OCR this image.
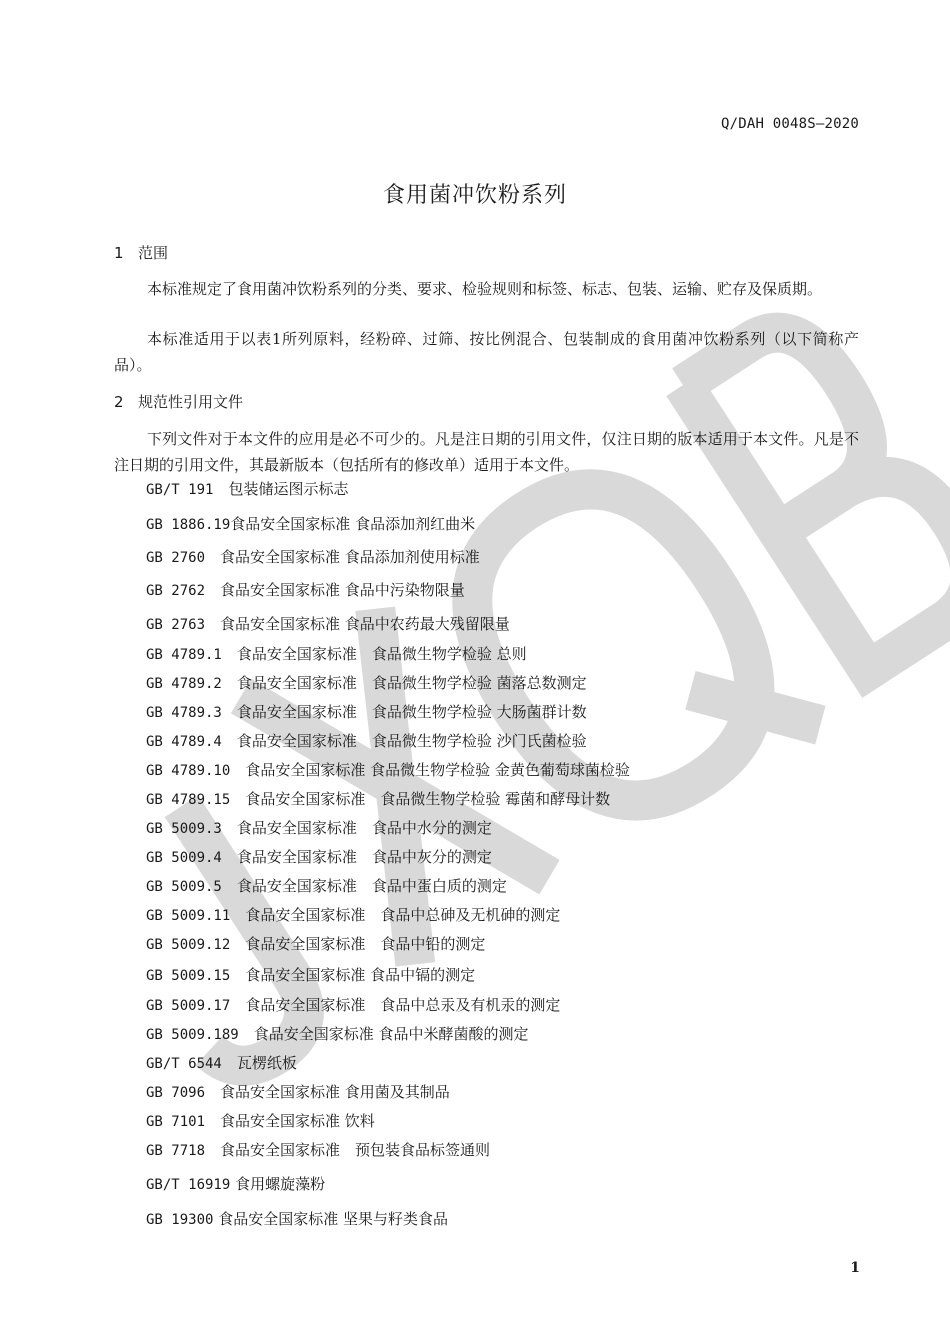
Q/DAH 0048S—2020
食用菌冲饮粉系列
1 范围
本标准规定了食用菌冲饮粉系列的分类、要求、检验规则和标签、标志、包装、运输、贮存及保质期。
本标准适用于以表1所列原料，经粉碎、过筛、按比例混合、包装制成的食用菌冲饮粉系列（以下简称产品）。
2 规范性引用文件
下列文件对于本文件的应用是必不可少的。凡是注日期的引用文件，仅注日期的版本适用于本文件。凡是不注日期的引用文件，其最新版本（包括所有的修改单）适用于本文件。
GB/T 191　 包装储运图示标志
GB 1886.19食品安全国家标准 食品添加剂红曲米
GB 2760　 食品安全国家标准 食品添加剂使用标准
GB 2762　 食品安全国家标准 食品中污染物限量
GB 2763　 食品安全国家标准 食品中农药最大残留限量
GB 4789.1　 食品安全国家标准　食品微生物学检验 总则
GB 4789.2　 食品安全国家标准　食品微生物学检验 菌落总数测定
GB 4789.3　 食品安全国家标准　食品微生物学检验 大肠菌群计数
GB 4789.4　 食品安全国家标准　食品微生物学检验 沙门氏菌检验
GB 4789.10　 食品安全国家标准 食品微生物学检验 金黄色葡萄球菌检验
GB 4789.15　 食品安全国家标准　食品微生物学检验 霉菌和酵母计数
GB 5009.3　 食品安全国家标准　食品中水分的测定
GB 5009.4　 食品安全国家标准　食品中灰分的测定
GB 5009.5　 食品安全国家标准　食品中蛋白质的测定
GB 5009.11　 食品安全国家标准　食品中总砷及无机砷的测定
GB 5009.12　 食品安全国家标准　食品中铅的测定
GB 5009.15　 食品安全国家标准 食品中镉的测定
GB 5009.17　 食品安全国家标准　食品中总汞及有机汞的测定
GB 5009.189　 食品安全国家标准 食品中米酵菌酸的测定
GB/T 6544　 瓦楞纸板
GB 7096　 食品安全国家标准 食用菌及其制品
GB 7101　 食品安全国家标准 饮料
GB 7718　 食品安全国家标准　预包装食品标签通则
GB/T 16919 食用螺旋藻粉
GB 19300 食品安全国家标准 坚果与籽类食品
1
